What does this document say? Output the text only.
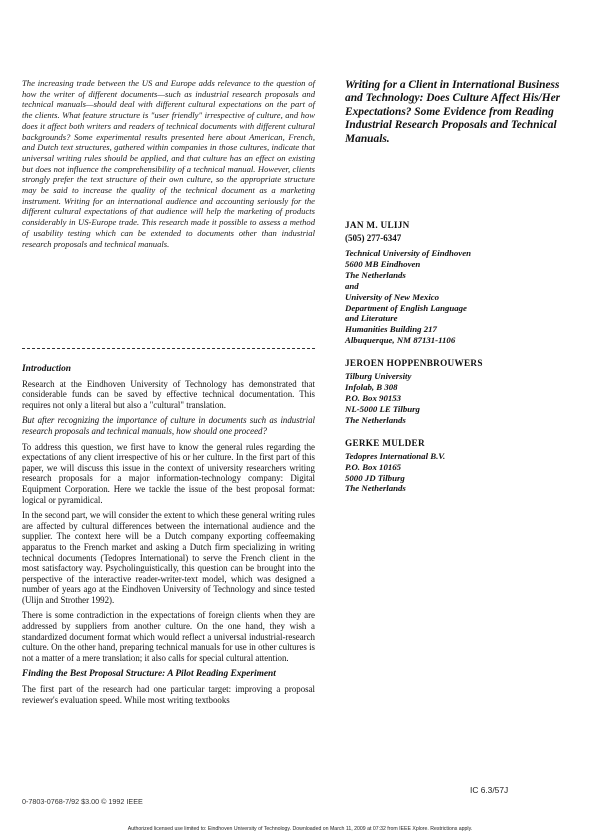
The increasing trade between the US and Europe adds relevance to the question of how the writer of different documents—such as industrial research proposals and technical manuals—should deal with different cultural expectations on the part of the clients. What feature structure is "user friendly" irrespective of culture, and how does it affect both writers and readers of technical documents with different cultural backgrounds? Some experimental results presented here about American, French, and Dutch text structures, gathered within companies in those cultures, indicate that universal writing rules should be applied, and that culture has an effect on existing but does not influence the comprehensibility of a technical manual. However, clients strongly prefer the text structure of their own culture, so the appropriate structure may be said to increase the quality of the technical document as a marketing instrument. Writing for an international audience and accounting seriously for the different cultural expectations of that audience will help the marketing of products considerably in US-Europe trade. This research made it possible to assess a method of usability testing which can be extended to documents other than industrial research proposals and technical manuals.

Introduction

Research at the Eindhoven University of Technology has demonstrated that considerable funds can be saved by effective technical documentation. This requires not only a literal but also a "cultural" translation.

But after recognizing the importance of culture in documents such as industrial research proposals and technical manuals, how should one proceed?

To address this question, we first have to know the general rules regarding the expectations of any client irrespective of his or her culture. In the first part of this paper, we will discuss this issue in the context of university researchers writing research proposals for a major information-technology company: Digital Equipment Corporation. Here we tackle the issue of the best proposal format: logical or pyramidical.

In the second part, we will consider the extent to which these general writing rules are affected by cultural differences between the international audience and the supplier. The context here will be a Dutch company exporting coffeemaking apparatus to the French market and asking a Dutch firm specializing in writing technical documents (Tedopres International) to serve the French client in the most satisfactory way. Psycholinguistically, this question can be brought into the perspective of the interactive reader-writer-text model, which was designed a number of years ago at the Eindhoven University of Technology and since tested (Ulijn and Strother 1992).

There is some contradiction in the expectations of foreign clients when they are addressed by suppliers from another culture. On the one hand, they wish a standardized document format which would reflect a universal industrial-research culture. On the other hand, preparing technical manuals for use in other cultures is not a matter of a mere translation; it also calls for special cultural attention.

Finding the Best Proposal Structure: A Pilot Reading Experiment

The first part of the research had one particular target: improving a proposal reviewer's evaluation speed. While most writing textbooks

Writing for a Client in International Business and Technology: Does Culture Affect His/Her Expectations? Some Evidence from Reading Industrial Research Proposals and Technical Manuals.

JAN M. ULIJN

(505) 277-6347

Technical University of Eindhoven

5600 MB Eindhoven

The Netherlands

and

University of New Mexico

Department of English Language

and Literature

Humanities Building 217

Albuquerque, NM 87131-1106

JEROEN HOPPENBROUWERS

Tilburg University

Infolab, B 308

P.O. Box 90153

NL-5000 LE Tilburg

The Netherlands

GERKE MULDER

Tedopres International B.V.

P.O. Box 10165

5000 JD Tilburg

The Netherlands

IC 6.3/57J
0-7803-0768-7/92 $3.00 © 1992 IEEE
Authorized licensed use limited to: Eindhoven University of Technology. Downloaded on March 11, 2009 at 07:32 from IEEE Xplore. Restrictions apply.
